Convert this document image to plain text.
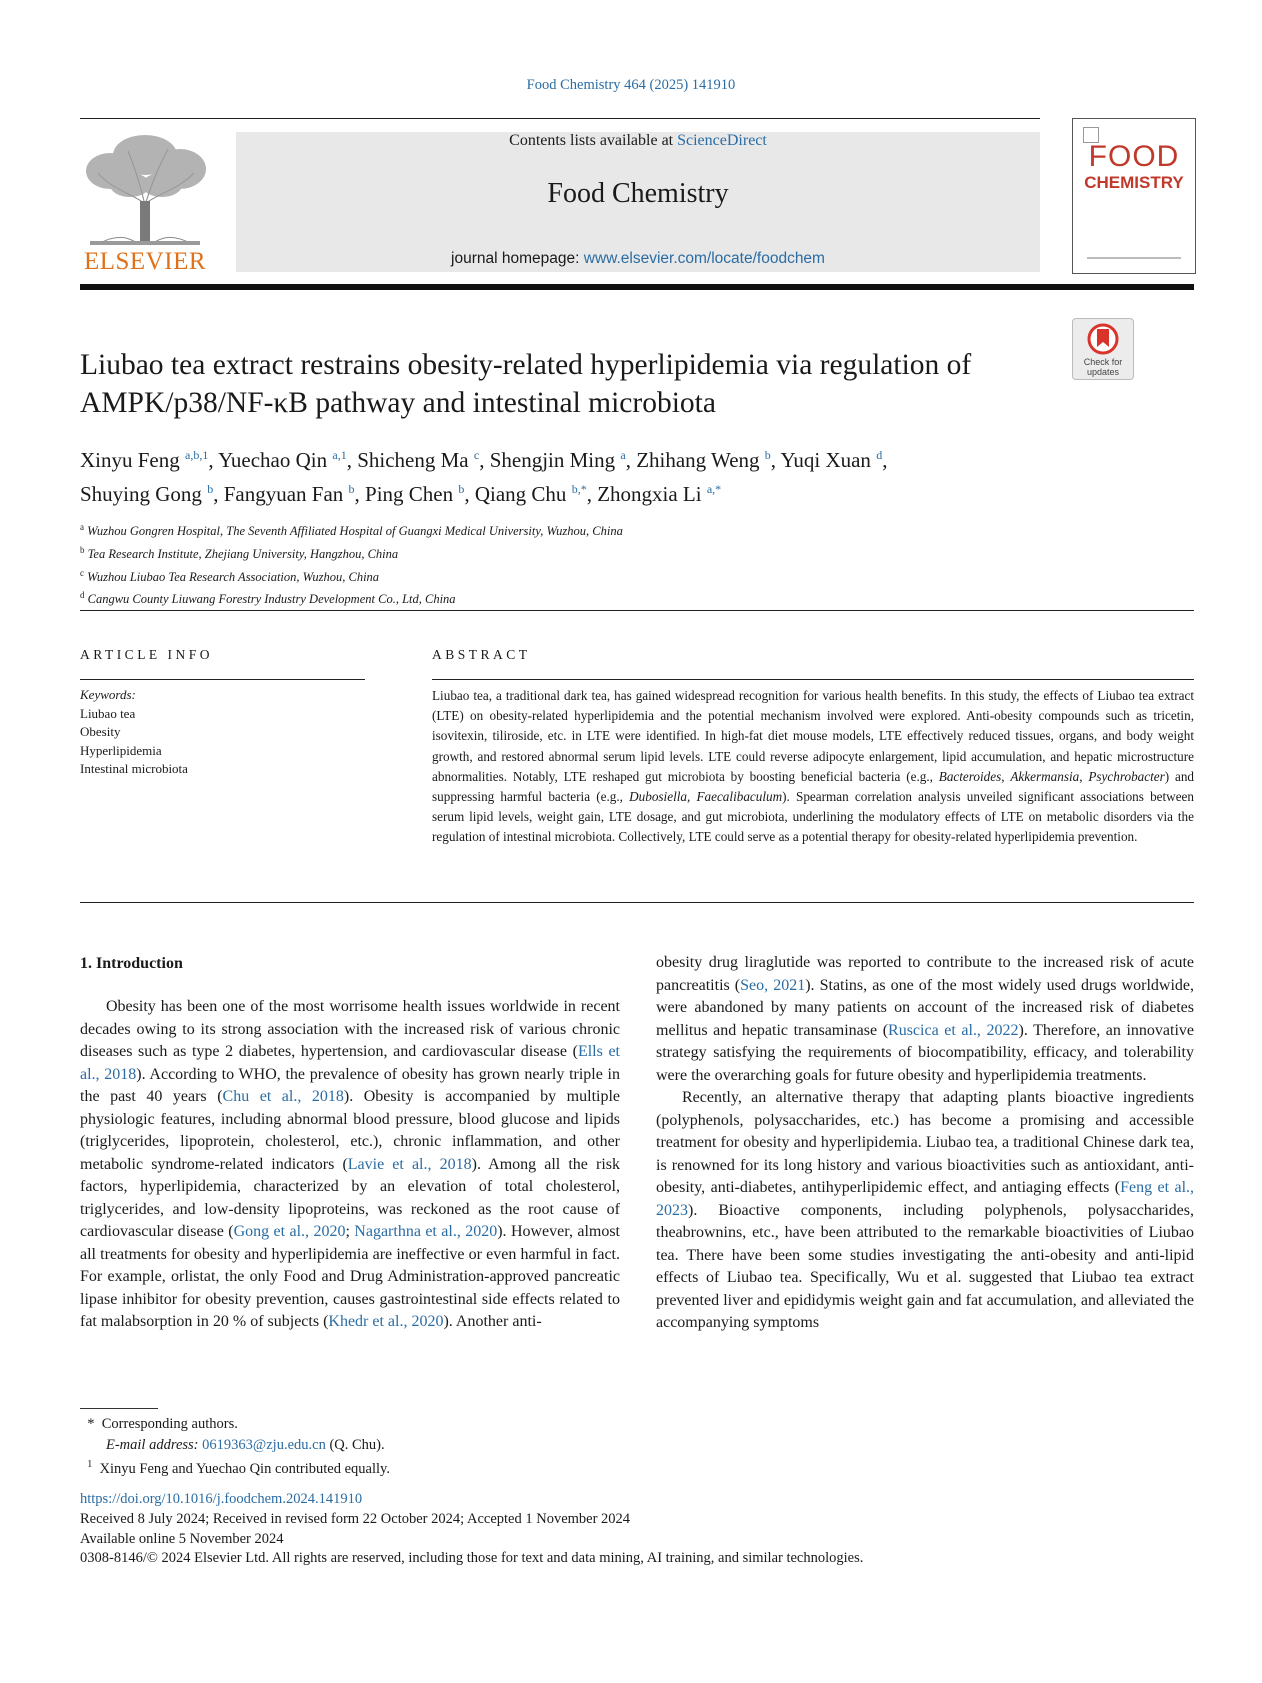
Food Chemistry 464 (2025) 141910
ELSEVIER
Contents lists available at ScienceDirect
Food Chemistry
journal homepage: www.elsevier.com/locate/foodchem
FOOD
CHEMISTRY
Check for updates
Liubao tea extract restrains obesity-related hyperlipidemia via regulation of AMPK/p38/NF-κB pathway and intestinal microbiota
Xinyu Feng $^{a,b,1}$, Yuechao Qin $^{a,1}$, Shicheng Ma $^c$, Shengjin Ming $^a$, Zhihang Weng $^b$, Yuqi Xuan $^d$,
Shuying Gong $^b$, Fangyuan Fan $^b$, Ping Chen $^b$, Qiang Chu $^{b,*}$, Zhongxia Li $^{a,*}$
$^a$ Wuzhou Gongren Hospital, The Seventh Affiliated Hospital of Guangxi Medical University, Wuzhou, China
$^b$ Tea Research Institute, Zhejiang University, Hangzhou, China
$^c$ Wuzhou Liubao Tea Research Association, Wuzhou, China
$^d$ Cangwu County Liuwang Forestry Industry Development Co., Ltd, China
ARTICLE INFO	ABSTRACT
Keywords:
Liubao tea
Obesity
Hyperlipidemia
Intestinal microbiota
Liubao tea, a traditional dark tea, has gained widespread recognition for various health benefits. In this study, the effects of Liubao tea extract (LTE) on obesity-related hyperlipidemia and the potential mechanism involved were explored. Anti-obesity compounds such as tricetin, isovitexin, tiliroside, etc. in LTE were identified. In high-fat diet mouse models, LTE effectively reduced tissues, organs, and body weight growth, and restored abnormal serum lipid levels. LTE could reverse adipocyte enlargement, lipid accumulation, and hepatic microstructure abnormalities. Notably, LTE reshaped gut microbiota by boosting beneficial bacteria (e.g., Bacteroides, Akkermansia, Psychrobacter) and suppressing harmful bacteria (e.g., Dubosiella, Faecalibaculum). Spearman correlation analysis unveiled significant associations between serum lipid levels, weight gain, LTE dosage, and gut microbiota, underlining the modulatory effects of LTE on metabolic disorders via the regulation of intestinal microbiota. Collectively, LTE could serve as a potential therapy for obesity-related hyperlipidemia prevention.
1. Introduction

Obesity has been one of the most worrisome health issues worldwide in recent decades owing to its strong association with the increased risk of various chronic diseases such as type 2 diabetes, hypertension, and cardiovascular disease (Ells et al., 2018). According to WHO, the prevalence of obesity has grown nearly triple in the past 40 years (Chu et al., 2018). Obesity is accompanied by multiple physiologic features, including abnormal blood pressure, blood glucose and lipids (triglycerides, lipoprotein, cholesterol, etc.), chronic inflammation, and other metabolic syndrome-related indicators (Lavie et al., 2018). Among all the risk factors, hyperlipidemia, characterized by an elevation of total cholesterol, triglycerides, and low-density lipoproteins, was reckoned as the root cause of cardiovascular disease (Gong et al., 2020; Nagarthna et al., 2020). However, almost all treatments for obesity and hyperlipidemia are ineffective or even harmful in fact. For example, orlistat, the only Food and Drug Administration-approved pancreatic lipase inhibitor for obesity prevention, causes gastrointestinal side effects related to fat malabsorption in 20 % of subjects (Khedr et al., 2020). Another anti-

obesity drug liraglutide was reported to contribute to the increased risk of acute pancreatitis (Seo, 2021). Statins, as one of the most widely used drugs worldwide, were abandoned by many patients on account of the increased risk of diabetes mellitus and hepatic transaminase (Ruscica et al., 2022). Therefore, an innovative strategy satisfying the requirements of biocompatibility, efficacy, and tolerability were the overarching goals for future obesity and hyperlipidemia treatments.

Recently, an alternative therapy that adapting plants bioactive ingredients (polyphenols, polysaccharides, etc.) has become a promising and accessible treatment for obesity and hyperlipidemia. Liubao tea, a traditional Chinese dark tea, is renowned for its long history and various bioactivities such as antioxidant, anti-obesity, anti-diabetes, antihyperlipidemic effect, and antiaging effects (Feng et al., 2023). Bioactive components, including polyphenols, polysaccharides, theabrownins, etc., have been attributed to the remarkable bioactivities of Liubao tea. There have been some studies investigating the anti-obesity and anti-lipid effects of Liubao tea. Specifically, Wu et al. suggested that Liubao tea extract prevented liver and epididymis weight gain and fat accumulation, and alleviated the accompanying symptoms

*  Corresponding authors.
E-mail address: 0619363@zju.edu.cn (Q. Chu).
$^1$ Xinyu Feng and Yuechao Qin contributed equally.
https://doi.org/10.1016/j.foodchem.2024.141910
Received 8 July 2024; Received in revised form 22 October 2024; Accepted 1 November 2024
Available online 5 November 2024
0308-8146/© 2024 Elsevier Ltd. All rights are reserved, including those for text and data mining, AI training, and similar technologies.
